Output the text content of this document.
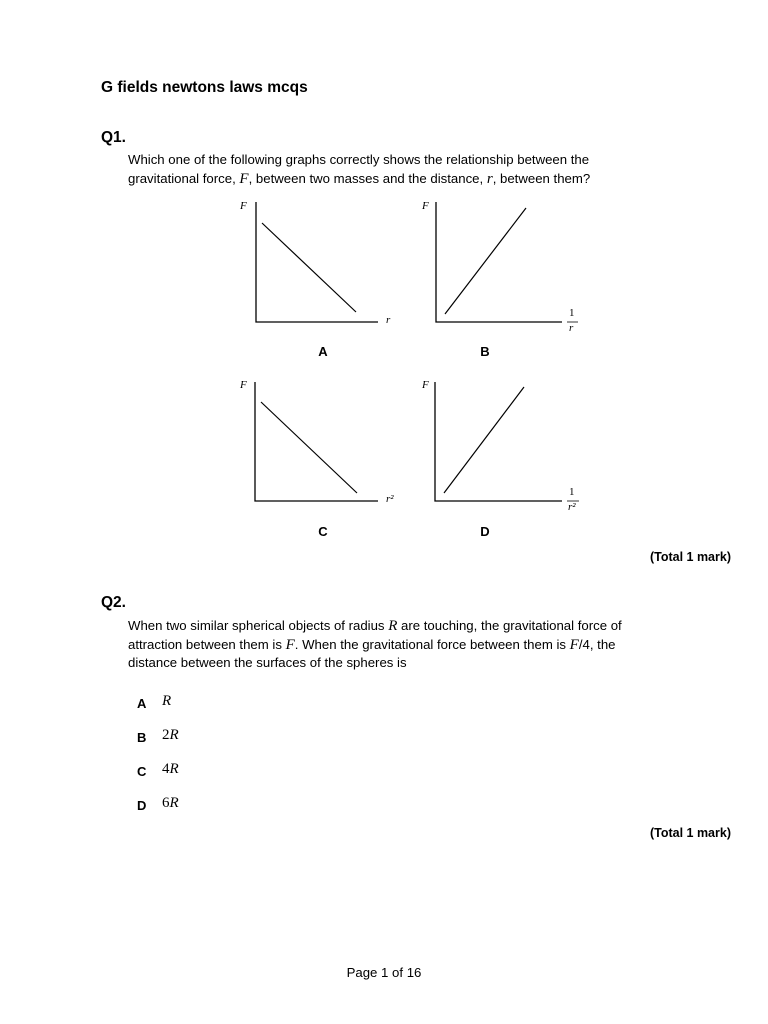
G fields newtons laws mcqs
Q1.
Which one of the following graphs correctly shows the relationship between the
gravitational force, F, between two masses and the distance, r, between them?
F
r
F
1
r
F
r²
F
1
r²
A	B
C	D
(Total 1 mark)
Q2.
When two similar spherical objects of radius R are touching, the gravitational force of
attraction between them is F. When the gravitational force between them is F/4, the
distance between the surfaces of the spheres is
A R
B 2R
C 4R
D 6R
(Total 1 mark)
Page 1 of 16
